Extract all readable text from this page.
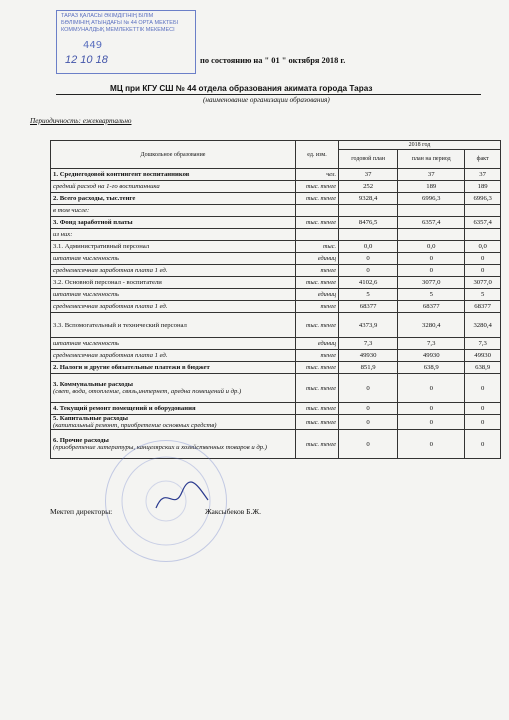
ТАРАЗ ҚАЛАСЫ ӘКІМДІГІНІҢ БІЛІМ
БӨЛІМІНІҢ АТЫНДАҒЫ № 44 ОРТА МЕКТЕБІ
КОММУНАЛДЫҚ МЕМЛЕКЕТТІК МЕКЕМЕСІ
449
12 10 18	по состоянию на " 01 " октября 2018 г.
МЦ при КГУ СШ № 44 отдела образования акимата города Тараз
(наименование организации образования)
Периодичность: ежеквартально
Дошкольное образование	ед. изм.	2018 год		
		годовой план	план на период	факт

1. Среднегодовой контингент воспитанников	чел.	37	37	37

средний расход на 1-го воспитанника	тыс. тенге	252	189	189

2. Всего расходы, тыс.тенге	тыс. тенге	9328,4	6996,3	6996,3

в том числе:				

3. Фонд заработной платы	тыс. тенге	8476,5	6357,4	6357,4

из них:				

3.1. Административный персонал	тыс.	0,0	0,0	0,0

штатная численность	единиц	0	0	0

среднемесячная заработная плата 1 ед.	тенге	0	0	0

3.2. Основной персонал - воспитатели	тыс. тенге	4102,6	3077,0	3077,0

штатная численность	единиц	5	5	5

среднемесячная заработная плата 1 ед.	тенге	68377	68377	68377

3.3. Вспомогательный и технический персонал	тыс. тенге	4373,9	3280,4	3280,4

штатная численность	единиц	7,3	7,3	7,3

среднемесячная заработная плата 1 ед.	тенге	49930	49930	49930

2. Налоги и другие обязательные платежи в бюджет	тыс. тенге	851,9	638,9	638,9

3. Коммунальные расходы
(свет, вода, отопление, связь,интернет, аредна помещений и др.)	тыс. тенге	0	0	0

4. Текущий ремонт помещений и оборудования	тыс. тенге	0	0	0

5. Капитальные расходы
(капитальный ремонт, приобретение основных средств)	тыс. тенге	0	0	0

6. Прочие расходы
(приобретение литературы, канцелярских и хозяйственных товаров и др.)	тыс. тенге	0	0	0
Мектеп директоры:	Жаксыбеков Б.Ж.
